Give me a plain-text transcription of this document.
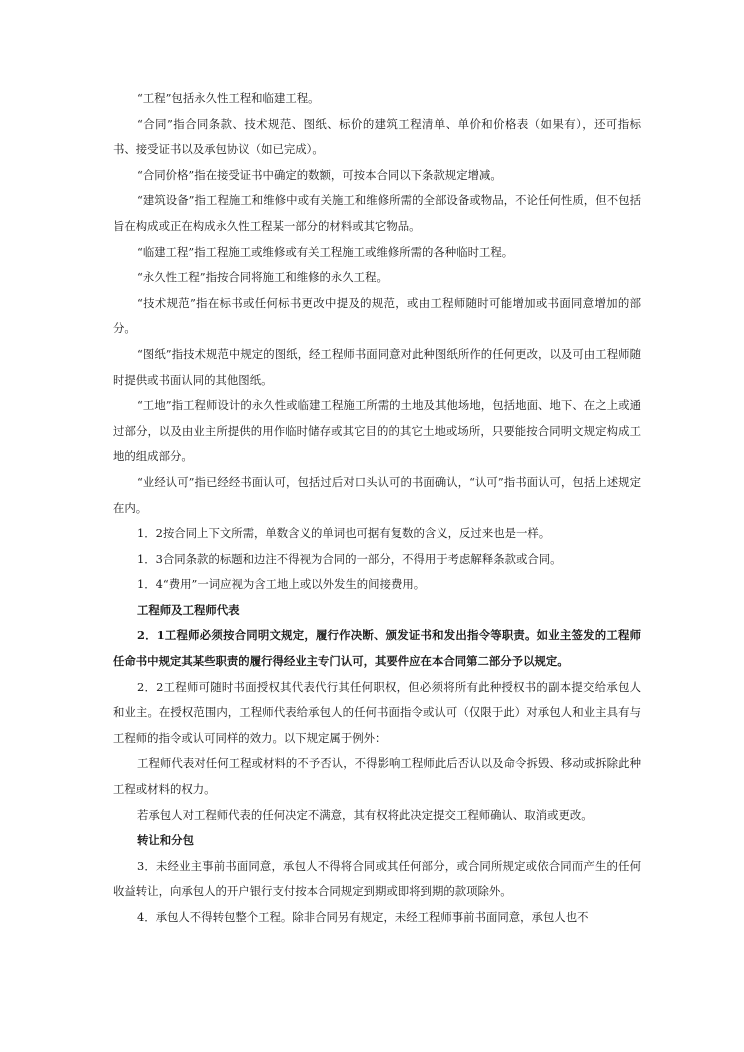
“工程”包括永久性工程和临建工程。

“合同”指合同条款、技术规范、图纸、标价的建筑工程清单、单价和价格表（如果有），还可指标书、接受证书以及承包协议（如已完成）。

“合同价格”指在接受证书中确定的数额，可按本合同以下条款规定增减。

“建筑设备”指工程施工和维修中或有关施工和维修所需的全部设备或物品，不论任何性质，但不包括旨在构成或正在构成永久性工程某一部分的材料或其它物品。

“临建工程”指工程施工或维修或有关工程施工或维修所需的各种临时工程。

“永久性工程”指按合同将施工和维修的永久工程。

“技术规范”指在标书或任何标书更改中提及的规范，或由工程师随时可能增加或书面同意增加的部分。

“图纸”指技术规范中规定的图纸，经工程师书面同意对此种图纸所作的任何更改，以及可由工程师随时提供或书面认同的其他图纸。

“工地”指工程师设计的永久性或临建工程施工所需的土地及其他场地，包括地面、地下、在之上或通过部分，以及由业主所提供的用作临时储存或其它目的的其它土地或场所，只要能按合同明文规定构成工地的组成部分。

“业经认可”指已经经书面认可，包括过后对口头认可的书面确认，“认可”指书面认可，包括上述规定在内。

1．2按合同上下文所需，单数含义的单词也可据有复数的含义，反过来也是一样。

1．3合同条款的标题和边注不得视为合同的一部分，不得用于考虑解释条款或合同。

1．4“费用”一词应视为含工地上或以外发生的间接费用。

工程师及工程师代表

2．1工程师必须按合同明文规定，履行作决断、颁发证书和发出指令等职责。如业主签发的工程师任命书中规定其某些职责的履行得经业主专门认可，其要件应在本合同第二部分予以规定。

2．2工程师可随时书面授权其代表代行其任何职权，但必须将所有此种授权书的副本提交给承包人和业主。在授权范围内，工程师代表给承包人的任何书面指令或认可（仅限于此）对承包人和业主具有与工程师的指令或认可同样的效力。以下规定属于例外：

工程师代表对任何工程或材料的不予否认，不得影响工程师此后否认以及命令拆毁、移动或拆除此种工程或材料的权力。

若承包人对工程师代表的任何决定不满意，其有权将此决定提交工程师确认、取消或更改。

转让和分包

3．未经业主事前书面同意，承包人不得将合同或其任何部分，或合同所规定或依合同而产生的任何收益转让，向承包人的开户银行支付按本合同规定到期或即将到期的款项除外。

4．承包人不得转包整个工程。除非合同另有规定，未经工程师事前书面同意，承包人也不
